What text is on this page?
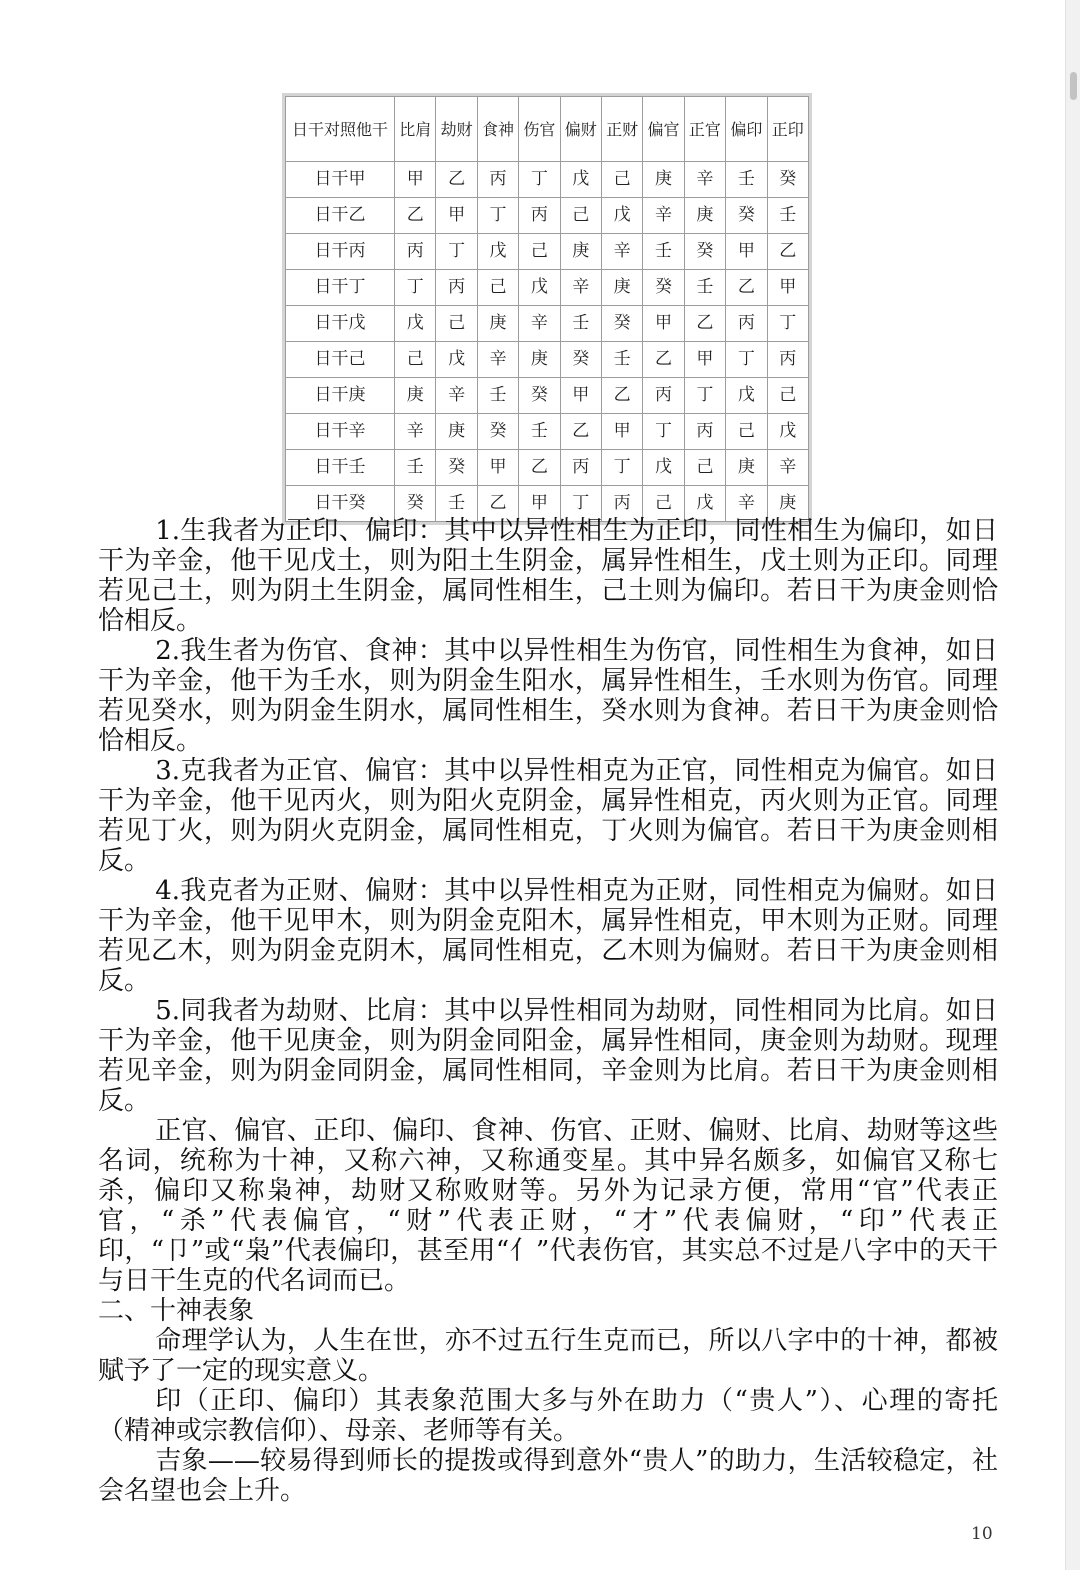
日干对照他干	比肩	劫财	食神	伤官	偏财	正财	偏官	正官	偏印	正印
日干甲	甲	乙	丙	丁	戊	己	庚	辛	壬	癸
日干乙	乙	甲	丁	丙	己	戊	辛	庚	癸	壬
日干丙	丙	丁	戊	己	庚	辛	壬	癸	甲	乙
日干丁	丁	丙	己	戊	辛	庚	癸	壬	乙	甲
日干戊	戊	己	庚	辛	壬	癸	甲	乙	丙	丁
日干己	己	戊	辛	庚	癸	壬	乙	甲	丁	丙
日干庚	庚	辛	壬	癸	甲	乙	丙	丁	戊	己
日干辛	辛	庚	癸	壬	乙	甲	丁	丙	己	戊
日干壬	壬	癸	甲	乙	丙	丁	戊	己	庚	辛
日干癸	癸	壬	乙	甲	丁	丙	己	戊	辛	庚

1.生我者为正印、偏印：其中以异性相生为正印，同性相生为偏印，如日干为辛金，他干见戊土，则为阳土生阴金，属异性相生，戊土则为正印。同理若见己土，则为阴土生阴金，属同性相生，己土则为偏印。若日干为庚金则恰恰相反。

2.我生者为伤官、食神：其中以异性相生为伤官，同性相生为食神，如日干为辛金，他干为壬水，则为阴金生阳水，属异性相生，壬水则为伤官。同理若见癸水，则为阴金生阴水，属同性相生，癸水则为食神。若日干为庚金则恰恰相反。

3.克我者为正官、偏官：其中以异性相克为正官，同性相克为偏官。如日干为辛金，他干见丙火，则为阳火克阴金，属异性相克，丙火则为正官。同理若见丁火，则为阴火克阴金，属同性相克，丁火则为偏官。若日干为庚金则相反。

4.我克者为正财、偏财：其中以异性相克为正财，同性相克为偏财。如日干为辛金，他干见甲木，则为阴金克阳木，属异性相克，甲木则为正财。同理若见乙木，则为阴金克阴木，属同性相克，乙木则为偏财。若日干为庚金则相反。

5.同我者为劫财、比肩：其中以异性相同为劫财，同性相同为比肩。如日干为辛金，他干见庚金，则为阴金同阳金，属异性相同，庚金则为劫财。现理若见辛金，则为阴金同阴金，属同性相同，辛金则为比肩。若日干为庚金则相反。

正官、偏官、正印、偏印、食神、伤官、正财、偏财、比肩、劫财等这些名词，统称为十神，又称六神，又称通变星。其中异名颇多，如偏官又称七杀，偏印又称枭神，劫财又称败财等。另外为记录方便，常用“官”代表正官，“杀”代表偏官，“财”代表正财，“才”代表偏财，“印”代表正印，“卩”或“枭”代表偏印，甚至用“亻”代表伤官，其实总不过是八字中的天干与日干生克的代名词而已。

二、十神表象

命理学认为，人生在世，亦不过五行生克而已，所以八字中的十神，都被赋予了一定的现实意义。

印（正印、偏印）其表象范围大多与外在助力（“贵人”）、心理的寄托（精神或宗教信仰）、母亲、老师等有关。

吉象——较易得到师长的提拨或得到意外“贵人”的助力，生活较稳定，社会名望也会上升。

10
